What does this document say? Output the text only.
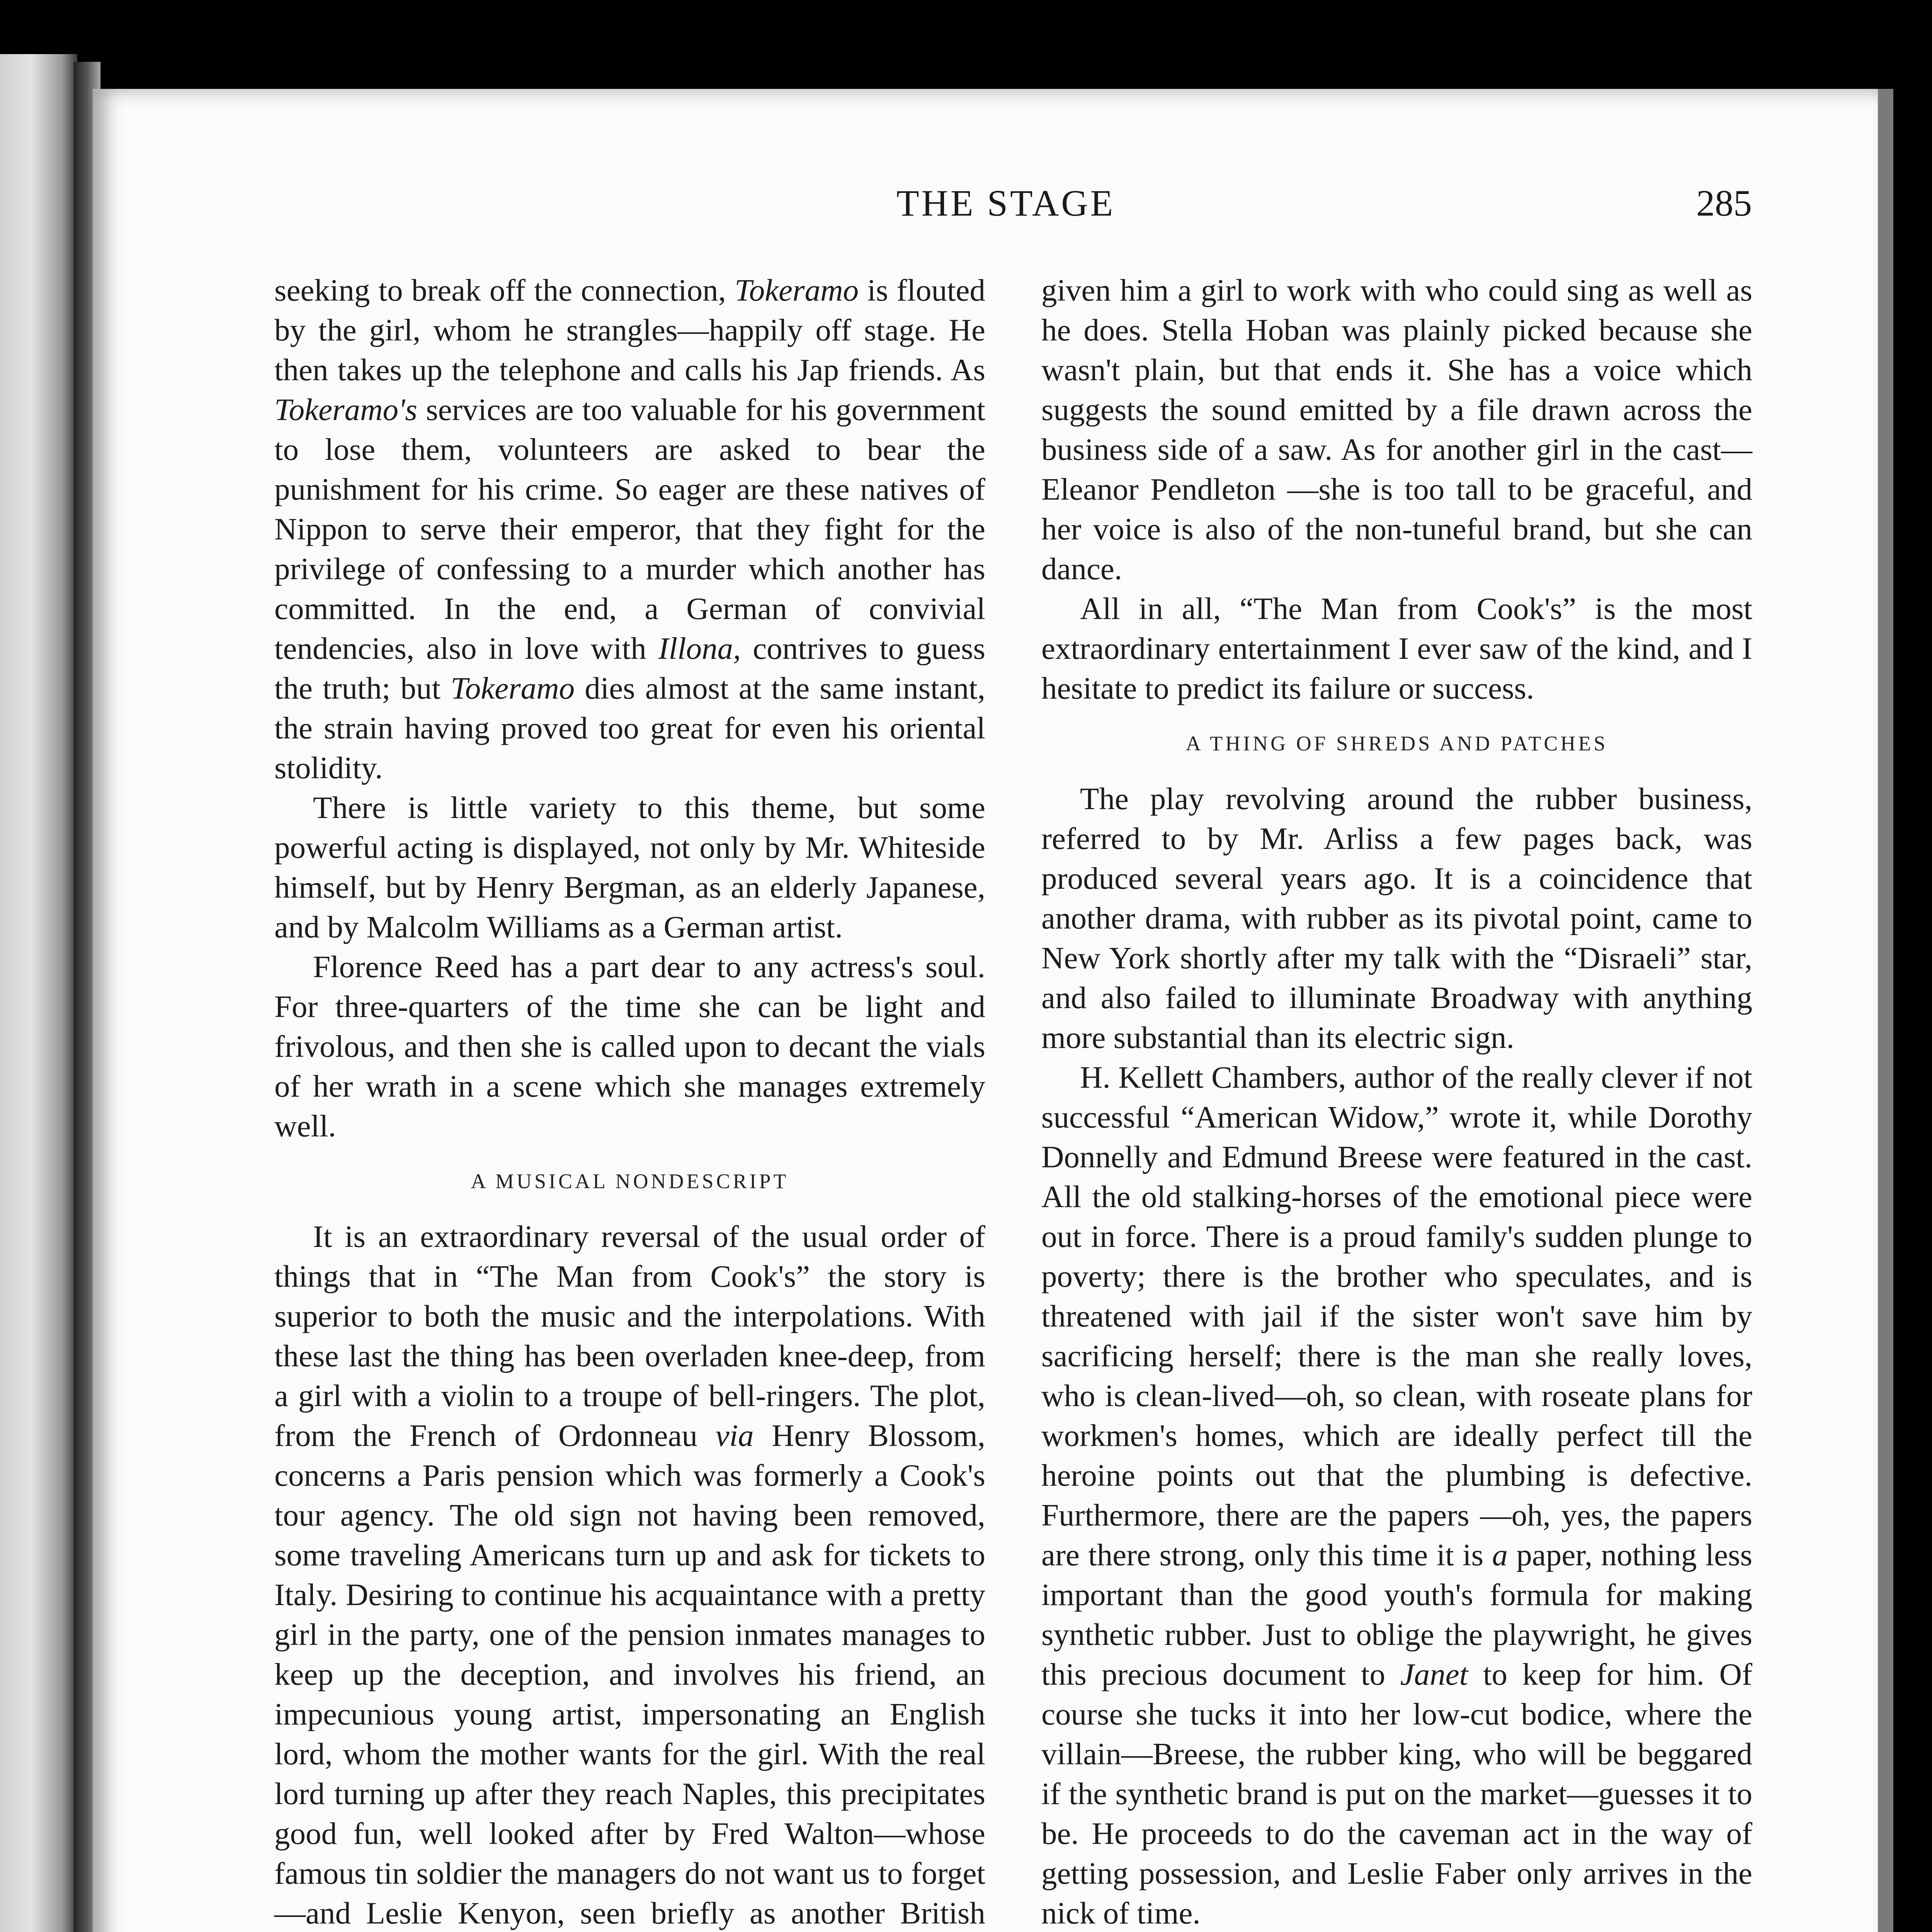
THE STAGE	285

seeking to break off the connection, Tokeramo is flouted by the girl, whom he strangles—happily off stage. He then takes up the telephone and calls his Jap friends. As Tokeramo's services are too valuable for his government to lose them, volunteers are asked to bear the punishment for his crime. So eager are these natives of Nippon to serve their emperor, that they fight for the privilege of confessing to a murder which another has committed. In the end, a German of convivial tendencies, also in love with Illona, contrives to guess the truth; but Tokeramo dies almost at the same instant, the strain having proved too great for even his oriental stolidity.

There is little variety to this theme, but some powerful acting is displayed, not only by Mr. Whiteside himself, but by Henry Bergman, as an elderly Japanese, and by Malcolm Williams as a German artist.

Florence Reed has a part dear to any actress's soul. For three-quarters of the time she can be light and frivolous, and then she is called upon to decant the vials of her wrath in a scene which she manages extremely well.

A MUSICAL NONDESCRIPT

It is an extraordinary reversal of the usual order of things that in “The Man from Cook's” the story is superior to both the music and the interpolations. With these last the thing has been overladen knee-deep, from a girl with a violin to a troupe of bell-ringers. The plot, from the French of Ordonneau via Henry Blossom, concerns a Paris pension which was formerly a Cook's tour agency. The old sign not having been removed, some traveling Americans turn up and ask for tickets to Italy. Desiring to continue his acquaintance with a pretty girl in the party, one of the pension inmates manages to keep up the deception, and involves his friend, an impecunious young artist, impersonating an English lord, whom the mother wants for the girl. With the real lord turning up after they reach Naples, this precipitates good fun, well looked after by Fred Walton—whose famous tin soldier the managers do not want us to forget—and Leslie Kenyon, seen briefly as another British

given him a girl to work with who could sing as well as he does. Stella Hoban was plainly picked because she wasn't plain, but that ends it. She has a voice which suggests the sound emitted by a file drawn across the business side of a saw. As for another girl in the cast—Eleanor Pendleton —she is too tall to be graceful, and her voice is also of the non-tuneful brand, but she can dance.

All in all, “The Man from Cook's” is the most extraordinary entertainment I ever saw of the kind, and I hesitate to predict its failure or success.

A THING OF SHREDS AND PATCHES

The play revolving around the rubber business, referred to by Mr. Arliss a few pages back, was produced several years ago. It is a coincidence that another drama, with rubber as its pivotal point, came to New York shortly after my talk with the “Disraeli” star, and also failed to illuminate Broadway with anything more substantial than its electric sign.

H. Kellett Chambers, author of the really clever if not successful “American Widow,” wrote it, while Dorothy Donnelly and Edmund Breese were featured in the cast. All the old stalking-horses of the emotional piece were out in force. There is a proud family's sudden plunge to poverty; there is the brother who speculates, and is threatened with jail if the sister won't save him by sacrificing herself; there is the man she really loves, who is clean-lived—oh, so clean, with roseate plans for workmen's homes, which are ideally perfect till the heroine points out that the plumbing is defective. Furthermore, there are the papers —oh, yes, the papers are there strong, only this time it is a paper, nothing less important than the good youth's formula for making synthetic rubber. Just to oblige the playwright, he gives this precious document to Janet to keep for him. Of course she tucks it into her low-cut bodice, where the villain—Breese, the rubber king, who will be beggared if the synthetic brand is put on the market—guesses it to be. He proceeds to do the caveman act in the way of getting possession, and Leslie Faber only arrives in the nick of time.
